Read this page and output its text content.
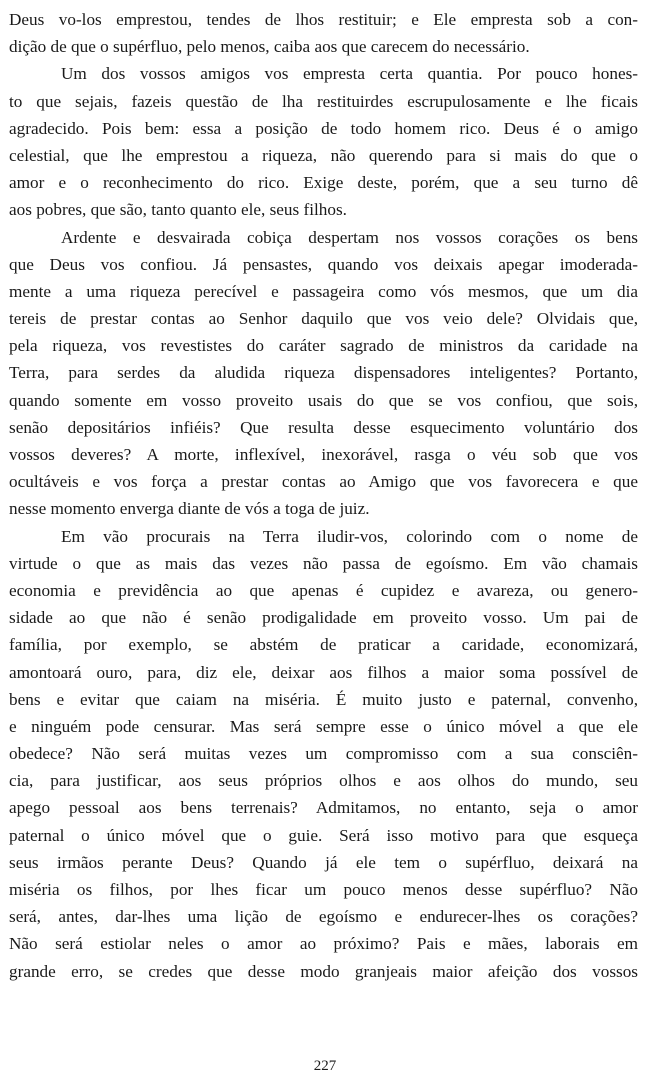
Deus vo-los emprestou, tendes de lhos restituir; e Ele empresta sob a con-
dição de que o supérfluo, pelo menos, caiba aos que carecem do necessário.
Um dos vossos amigos vos empresta certa quantia. Por pouco hones-
to que sejais, fazeis questão de lha restituirdes escrupulosamente e lhe ficais
agradecido. Pois bem: essa a posição de todo homem rico. Deus é o amigo
celestial, que lhe emprestou a riqueza, não querendo para si mais do que o
amor e o reconhecimento do rico. Exige deste, porém, que a seu turno dê
aos pobres, que são, tanto quanto ele, seus filhos.
Ardente e desvairada cobiça despertam nos vossos corações os bens
que Deus vos confiou. Já pensastes, quando vos deixais apegar imoderada-
mente a uma riqueza perecível e passageira como vós mesmos, que um dia
tereis de prestar contas ao Senhor daquilo que vos veio dele? Olvidais que,
pela riqueza, vos revestistes do caráter sagrado de ministros da caridade na
Terra, para serdes da aludida riqueza dispensadores inteligentes? Portanto,
quando somente em vosso proveito usais do que se vos confiou, que sois,
senão depositários infiéis? Que resulta desse esquecimento voluntário dos
vossos deveres? A morte, inflexível, inexorável, rasga o véu sob que vos
ocultáveis e vos força a prestar contas ao Amigo que vos favorecera e que
nesse momento enverga diante de vós a toga de juiz.
Em vão procurais na Terra iludir-vos, colorindo com o nome de
virtude o que as mais das vezes não passa de egoísmo. Em vão chamais
economia e previdência ao que apenas é cupidez e avareza, ou genero-
sidade ao que não é senão prodigalidade em proveito vosso. Um pai de
família, por exemplo, se abstém de praticar a caridade, economizará,
amontoará ouro, para, diz ele, deixar aos filhos a maior soma possível de
bens e evitar que caiam na miséria. É muito justo e paternal, convenho,
e ninguém pode censurar. Mas será sempre esse o único móvel a que ele
obedece? Não será muitas vezes um compromisso com a sua consciên-
cia, para justificar, aos seus próprios olhos e aos olhos do mundo, seu
apego pessoal aos bens terrenais? Admitamos, no entanto, seja o amor
paternal o único móvel que o guie. Será isso motivo para que esqueça
seus irmãos perante Deus? Quando já ele tem o supérfluo, deixará na
miséria os filhos, por lhes ficar um pouco menos desse supérfluo? Não
será, antes, dar-lhes uma lição de egoísmo e endurecer-lhes os corações?
Não será estiolar neles o amor ao próximo? Pais e mães, laborais em
grande erro, se credes que desse modo granjeais maior afeição dos vossos
227
